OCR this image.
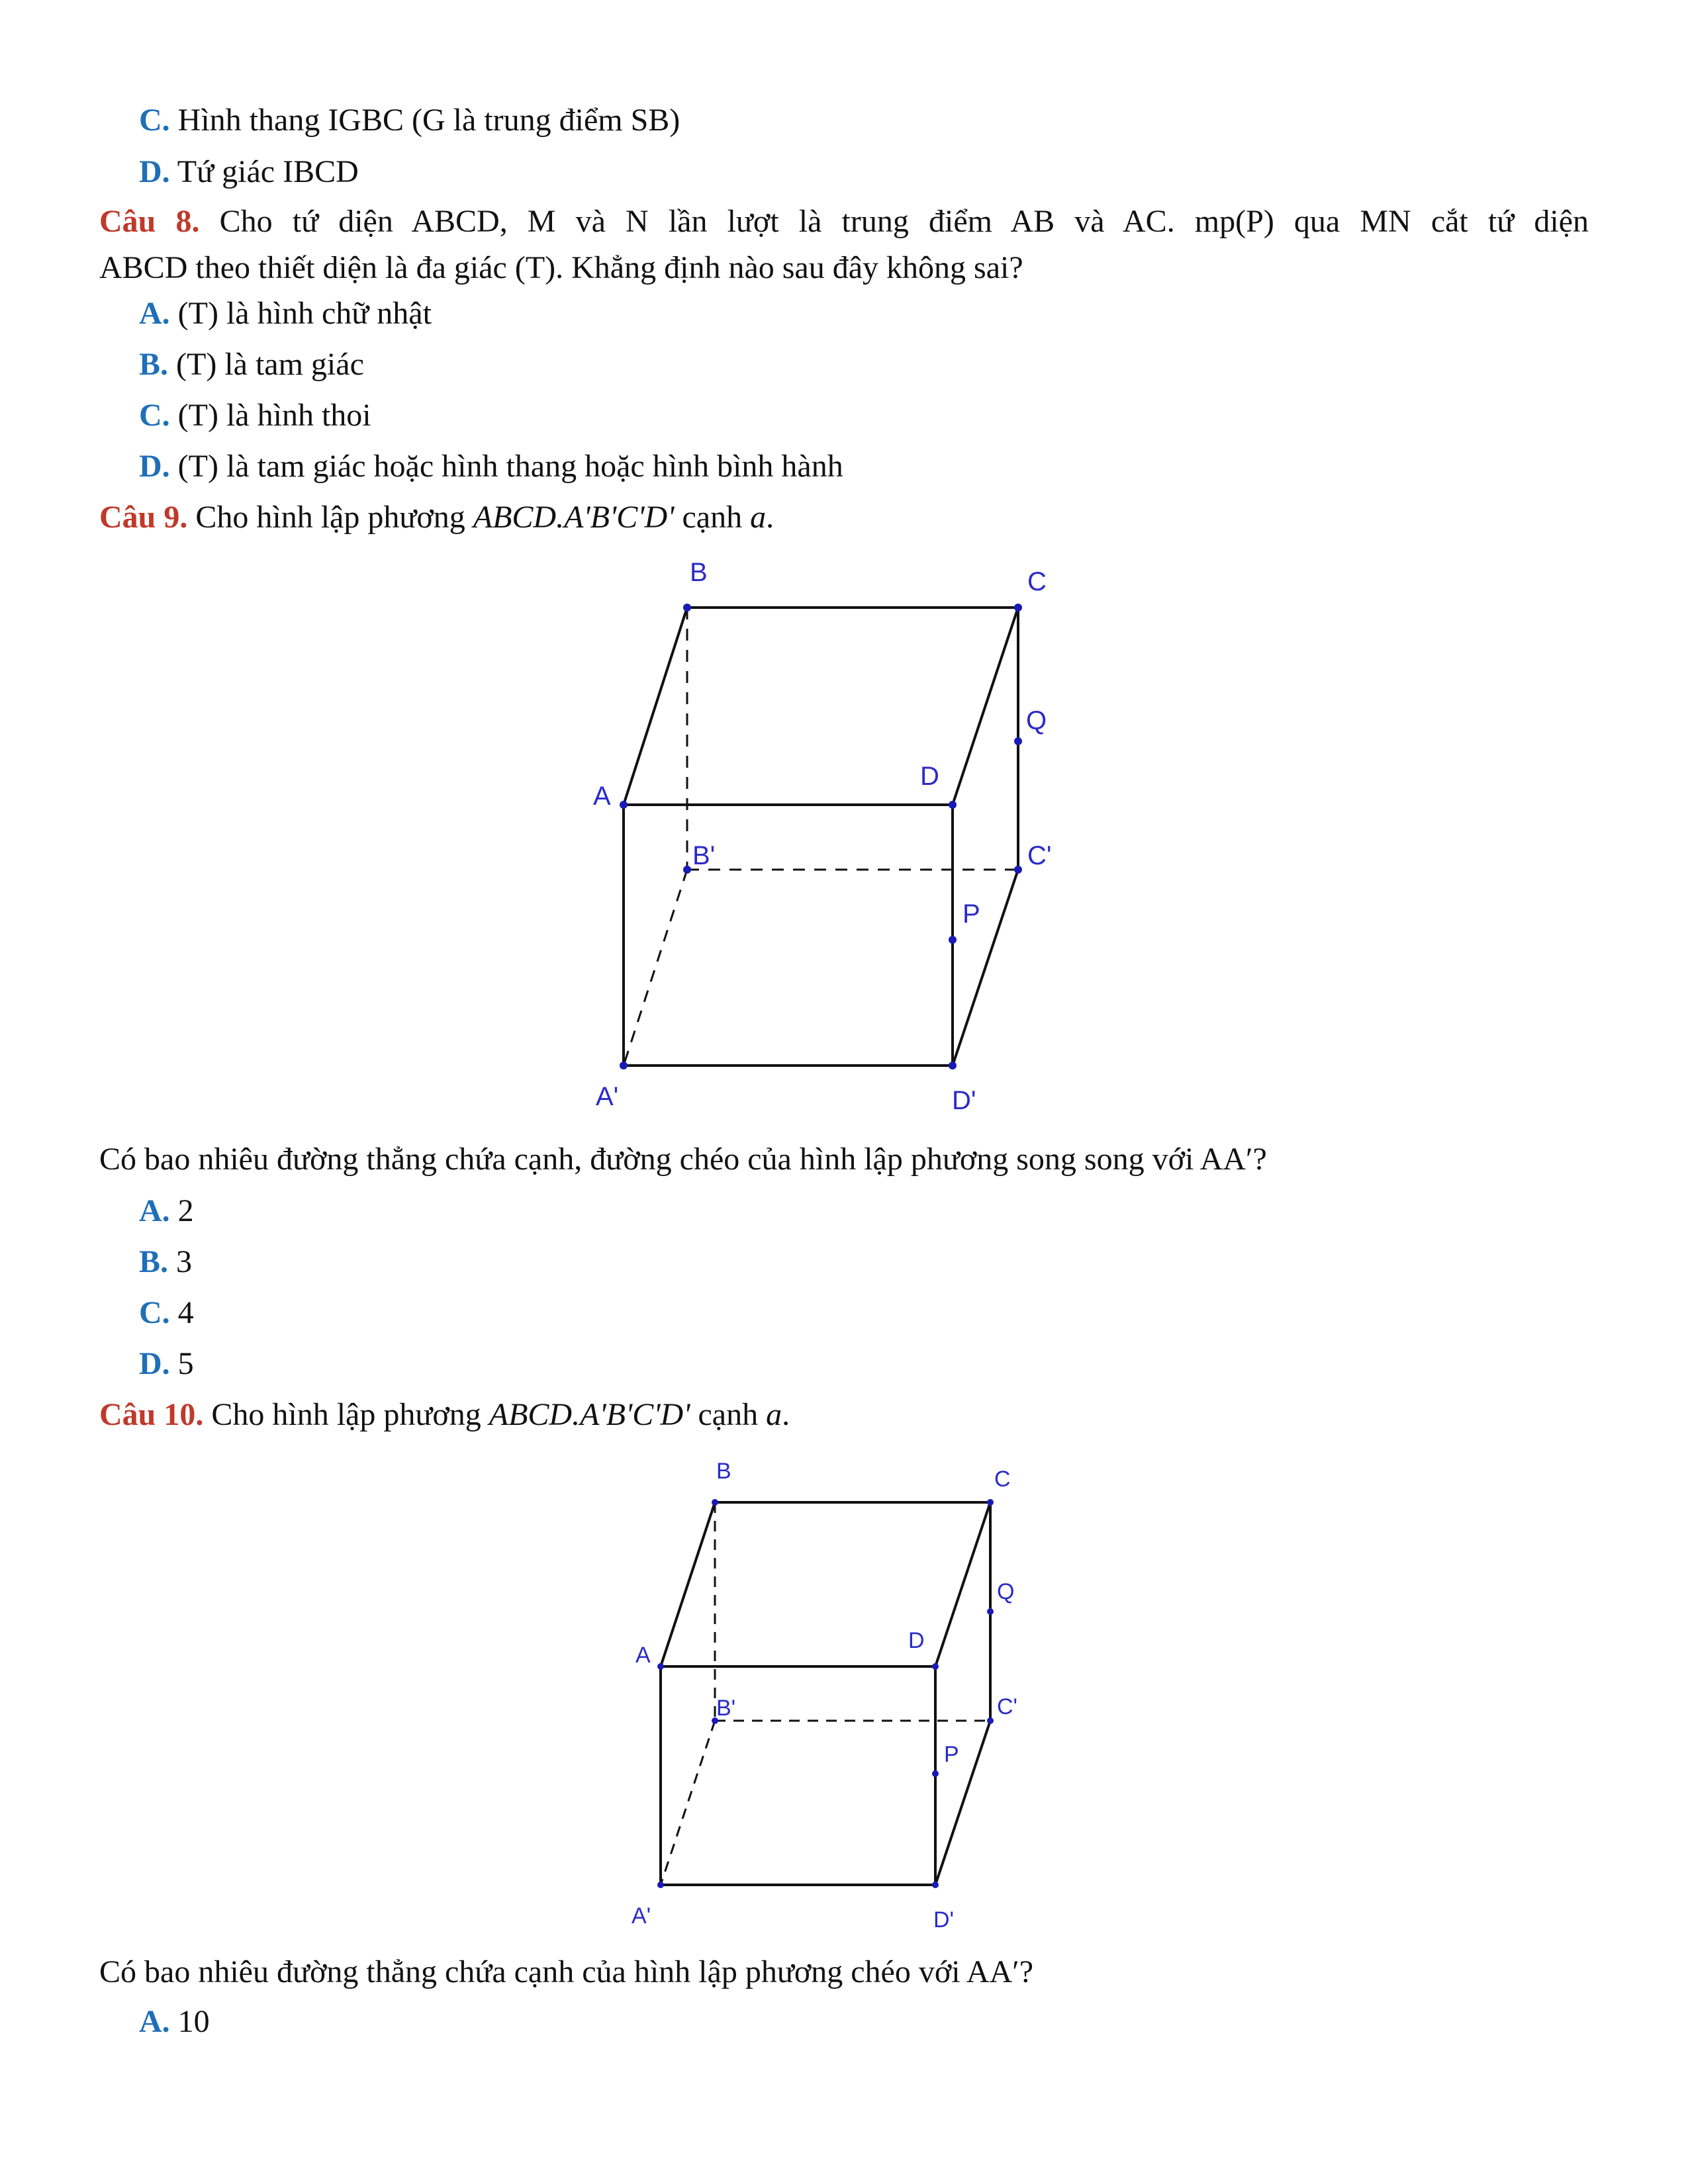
C. Hình thang IGBC (G là trung điểm SB)
D. Tứ giác IBCD
Câu 8. Cho tứ diện ABCD, M và N lần lượt là trung điểm AB và AC. mp(P) qua MN cắt tứ diện
ABCD theo thiết diện là đa giác (T). Khẳng định nào sau đây không sai?
A. (T) là hình chữ nhật
B. (T) là tam giác
C. (T) là hình thoi
D. (T) là tam giác hoặc hình thang hoặc hình bình hành
Câu 9. Cho hình lập phương ABCD.A'B'C'D' cạnh a.
B	C
A
D
B'	C'
A'	D'
P
Q
Có bao nhiêu đường thẳng chứa cạnh, đường chéo của hình lập phương song song với AA′?
A. 2
B. 3
C. 4
D. 5
Câu 10. Cho hình lập phương ABCD.A'B'C'D' cạnh a.
B	C
A
D
B'	C'
A'	D'
P
Q
Có bao nhiêu đường thẳng chứa cạnh của hình lập phương chéo với AA′?
A. 10
